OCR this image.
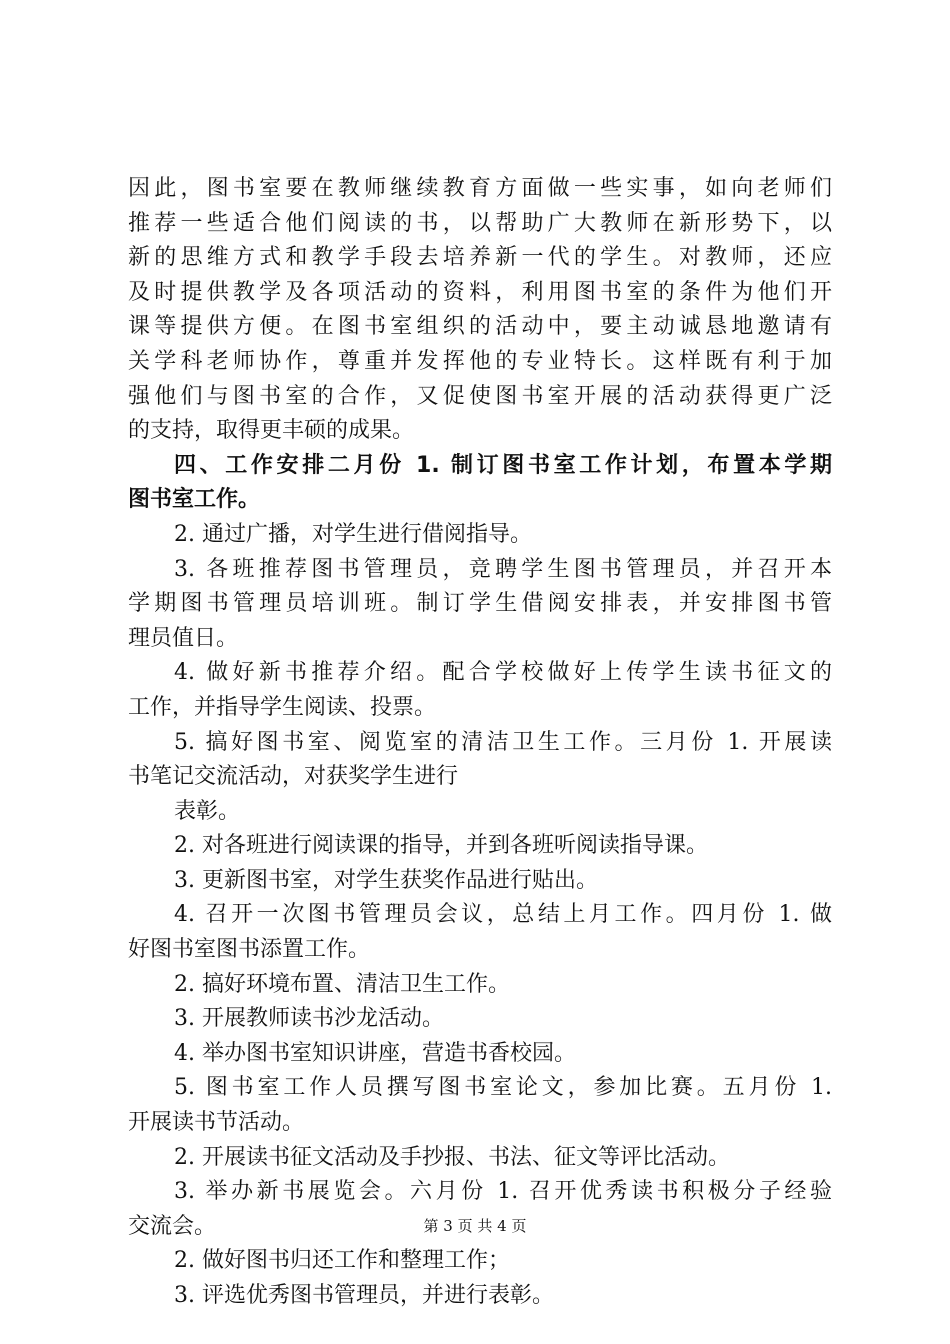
因此，图书室要在教师继续教育方面做一些实事，如向老师们
推荐一些适合他们阅读的书，以帮助广大教师在新形势下，以
新的思维方式和教学手段去培养新一代的学生。对教师，还应
及时提供教学及各项活动的资料，利用图书室的条件为他们开
课等提供方便。在图书室组织的活动中，要主动诚恳地邀请有
关学科老师协作，尊重并发挥他的专业特长。这样既有利于加
强他们与图书室的合作，又促使图书室开展的活动获得更广泛
的支持，取得更丰硕的成果。
四、工作安排二月份 1. 制订图书室工作计划，布置本学期
图书室工作。
2. 通过广播，对学生进行借阅指导。
3. 各班推荐图书管理员，竞聘学生图书管理员，并召开本
学期图书管理员培训班。制订学生借阅安排表，并安排图书管
理员值日。
4. 做好新书推荐介绍。配合学校做好上传学生读书征文的
工作，并指导学生阅读、投票。
5. 搞好图书室、阅览室的清洁卫生工作。三月份 1. 开展读
书笔记交流活动，对获奖学生进行
表彰。
2. 对各班进行阅读课的指导，并到各班听阅读指导课。
3. 更新图书室，对学生获奖作品进行贴出。
4. 召开一次图书管理员会议，总结上月工作。四月份 1. 做
好图书室图书添置工作。
2. 搞好环境布置、清洁卫生工作。
3. 开展教师读书沙龙活动。
4. 举办图书室知识讲座，营造书香校园。
5. 图书室工作人员撰写图书室论文，参加比赛。五月份 1.
开展读书节活动。
2. 开展读书征文活动及手抄报、书法、征文等评比活动。
3. 举办新书展览会。六月份 1. 召开优秀读书积极分子经验
交流会。
2. 做好图书归还工作和整理工作；
3. 评选优秀图书管理员，并进行表彰。
第 3 页 共 4 页
